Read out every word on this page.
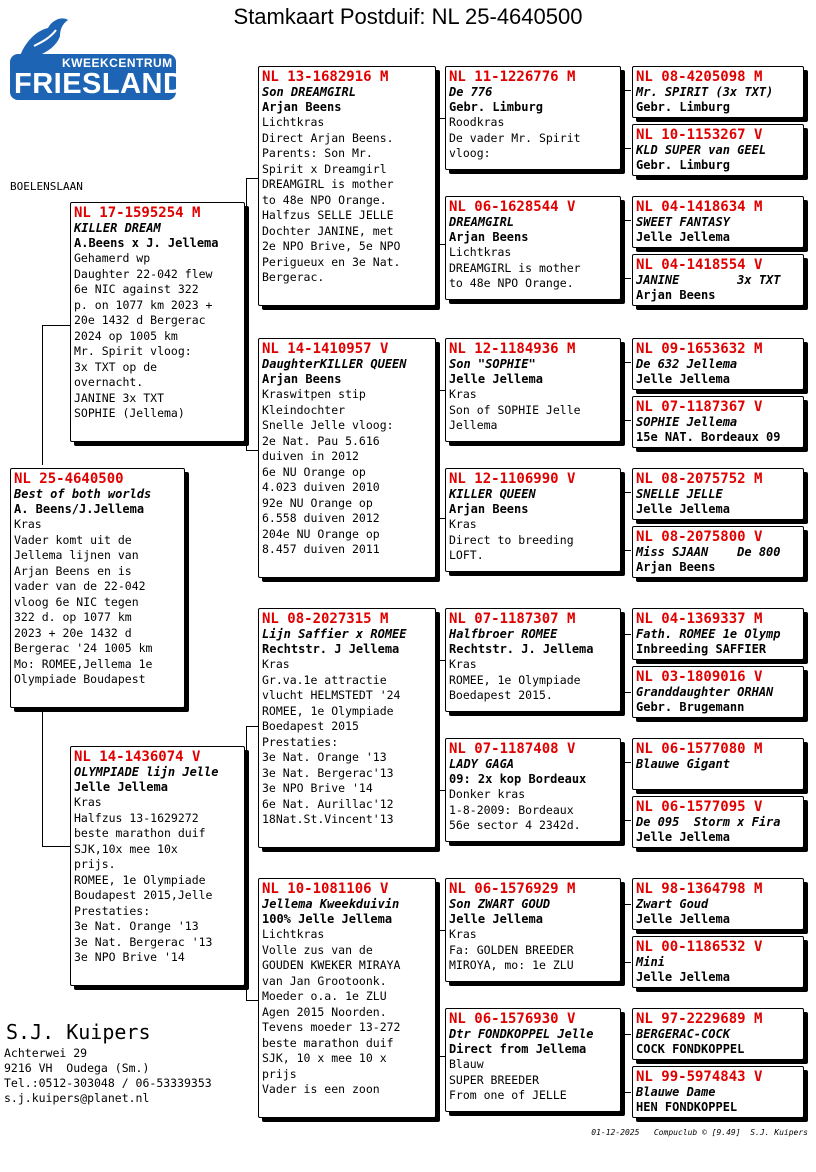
Stamkaart Postduif: NL 25-4640500
KWEEKCENTRUM
FRIESLAND
BOELENSLAAN
NL 25-4640500
Best of both worlds
A. Beens/J.Jellema
Kras
Vader komt uit de
Jellema lijnen van
Arjan Beens en is
vader van de 22-042
vloog 6e NIC tegen
322 d. op 1077 km
2023 + 20e 1432 d
Bergerac '24 1005 km
Mo: ROMEE,Jellema 1e
Olympiade Boudapest
NL 17-1595254 M
KILLER DREAM
A.Beens x J. Jellema
Gehamerd wp
Daughter 22-042 flew
6e NIC against 322
p. on 1077 km 2023 +
20e 1432 d Bergerac
2024 op 1005 km
Mr. Spirit vloog:
3x TXT op de
overnacht.
JANINE 3x TXT
SOPHIE (Jellema)
NL 14-1436074 V
OLYMPIADE lijn Jelle
Jelle Jellema
Kras
Halfzus 13-1629272
beste marathon duif
SJK,10x mee 10x
prijs.
ROMEE, 1e Olympiade
Boudapest 2015,Jelle
Prestaties:
3e Nat. Orange '13
3e Nat. Bergerac '13
3e NPO Brive '14
NL 13-1682916 M
Son DREAMGIRL
Arjan Beens
Lichtkras
Direct Arjan Beens.
Parents: Son Mr.
Spirit x Dreamgirl
DREAMGIRL is mother
to 48e NPO Orange.
Halfzus SELLE JELLE
Dochter JANINE, met
2e NPO Brive, 5e NPO
Perigueux en 3e Nat.
Bergerac.
NL 14-1410957 V
DaughterKILLER QUEEN
Arjan Beens
Kraswitpen stip
Kleindochter
Snelle Jelle vloog:
2e Nat. Pau 5.616
duiven in 2012
6e NU Orange op
4.023 duiven 2010
92e NU Orange op
6.558 duiven 2012
204e NU Orange op
8.457 duiven 2011
NL 08-2027315 M
Lijn Saffier x ROMEE
Rechtstr. J Jellema
Kras
Gr.va.1e attractie
vlucht HELMSTEDT '24
ROMEE, 1e Olympiade
Boedapest 2015
Prestaties:
3e Nat. Orange '13
3e Nat. Bergerac'13
3e NPO Brive '14
6e Nat. Aurillac'12
18Nat.St.Vincent'13
NL 10-1081106 V
Jellema Kweekduivin
100% Jelle Jellema
Lichtkras
Volle zus van de
GOUDEN KWEKER MIRAYA
van Jan Grootoonk.
Moeder o.a. 1e ZLU
Agen 2015 Noorden.
Tevens moeder 13-272
beste marathon duif
SJK, 10 x mee 10 x
prijs
Vader is een zoon
NL 11-1226776 M
De 776
Gebr. Limburg
Roodkras
De vader Mr. Spirit
vloog:
NL 06-1628544 V
DREAMGIRL
Arjan Beens
Lichtkras
DREAMGIRL is mother
to 48e NPO Orange.
NL 12-1184936 M
Son "SOPHIE"
Jelle Jellema
Kras
Son of SOPHIE Jelle
Jellema
NL 12-1106990 V
KILLER QUEEN
Arjan Beens
Kras
Direct to breeding
LOFT.
NL 07-1187307 M
Halfbroer ROMEE
Rechtstr. J. Jellema
Kras
ROMEE, 1e Olympiade
Boedapest 2015.
NL 07-1187408 V
LADY GAGA
09: 2x kop Bordeaux
Donker kras
1-8-2009: Bordeaux
56e sector 4 2342d.
NL 06-1576929 M
Son ZWART GOUD
Jelle Jellema
Kras
Fa: GOLDEN BREEDER
MIROYA, mo: 1e ZLU
NL 06-1576930 V
Dtr FONDKOPPEL Jelle
Direct from Jellema
Blauw
SUPER BREEDER
From one of JELLE
NL 08-4205098 M
Mr. SPIRIT (3x TXT)
Gebr. Limburg
NL 10-1153267 V
KLD SUPER van GEEL
Gebr. Limburg
NL 04-1418634 M
SWEET FANTASY
Jelle Jellema
NL 04-1418554 V
JANINE        3x TXT
Arjan Beens
NL 09-1653632 M
De 632 Jellema
Jelle Jellema
NL 07-1187367 V
SOPHIE Jellema
15e NAT. Bordeaux 09
NL 08-2075752 M
SNELLE JELLE
Jelle Jellema
NL 08-2075800 V
Miss SJAAN    De 800
Arjan Beens
NL 04-1369337 M
Fath. ROMEE 1e Olymp
Inbreeding SAFFIER
NL 03-1809016 V
Granddaughter ORHAN
Gebr. Brugemann
NL 06-1577080 M
Blauwe Gigant
NL 06-1577095 V
De 095  Storm x Fira
Jelle Jellema
NL 98-1364798 M
Zwart Goud
Jelle Jellema
NL 00-1186532 V
Mini
Jelle Jellema
NL 97-2229689 M
BERGERAC-COCK
COCK FONDKOPPEL
NL 99-5974843 V
Blauwe Dame
HEN FONDKOPPEL
S.J. Kuipers
Achterwei 29
9216 VH  Oudega (Sm.)
Tel.:0512-303048 / 06-53339353
s.j.kuipers@planet.nl
01-12-2025   Compuclub © [9.49]  S.J. Kuipers
